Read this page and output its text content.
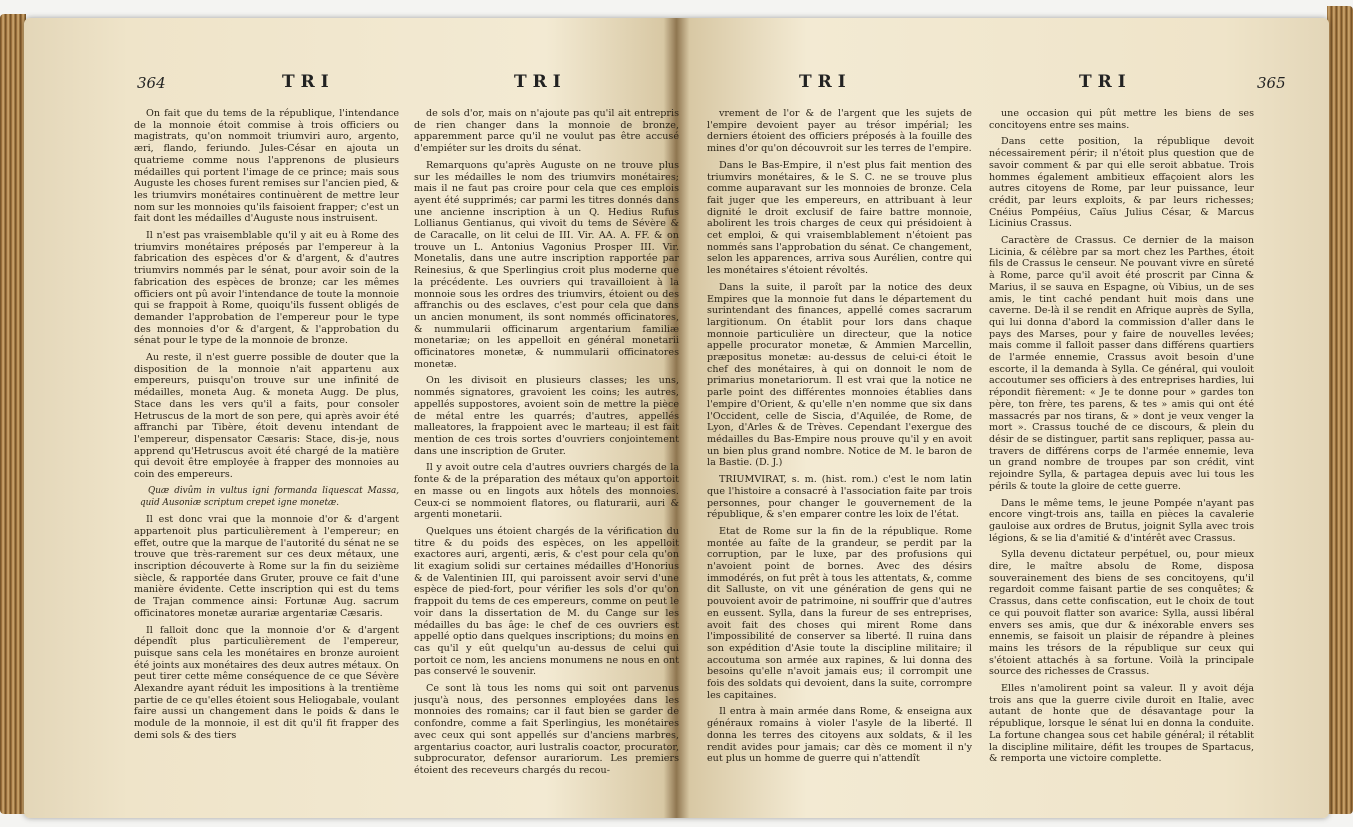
364	TRI	TRI

On fait que du tems de la république, l'intendance de la monnoie étoit commise à trois officiers ou magistrats, qu'on nommoit triumviri auro, argento, æri, flando, feriundo. Jules-César en ajouta un quatrieme comme nous l'apprenons de plusieurs médailles qui portent l'image de ce prince; mais sous Auguste les choses furent remises sur l'ancien pied, & les triumvirs monétaires continuèrent de mettre leur nom sur les monnoies qu'ils faisoient frapper; c'est un fait dont les médailles d'Auguste nous instruisent.

Il n'est pas vraisemblable qu'il y ait eu à Rome des triumvirs monétaires préposés par l'empereur à la fabrication des espèces d'or & d'argent, & d'autres triumvirs nommés par le sénat, pour avoir soin de la fabrication des espèces de bronze; car les mêmes officiers ont pû avoir l'intendance de toute la monnoie qui se frappoit à Rome, quoiqu'ils fussent obligés de demander l'approbation de l'empereur pour le type des monnoies d'or & d'argent, & l'approbation du sénat pour le type de la monnoie de bronze.

Au reste, il n'est guerre possible de douter que la disposition de la monnoie n'ait appartenu aux empereurs, puisqu'on trouve sur une infinité de médailles, moneta Aug. & moneta Augg. De plus, Stace dans les vers qu'il a faits, pour consoler Hetruscus de la mort de son pere, qui après avoir été affranchi par Tibère, étoit devenu intendant de l'empereur, dispensator Cæsaris: Stace, dis-je, nous apprend qu'Hetruscus avoit été chargé de la matière qui devoit être employée à frapper des monnoies au coin des empereurs.

Quæ divûm in vultus igni formanda liquescat Massa, quid Ausoniæ scriptum crepet igne monetæ.

Il est donc vrai que la monnoie d'or & d'argent appartenoit plus particulièrement à l'empereur; en effet, outre que la marque de l'autorité du sénat ne se trouve que très-rarement sur ces deux métaux, une inscription découverte à Rome sur la fin du seizième siècle, & rapportée dans Gruter, prouve ce fait d'une manière évidente. Cette inscription qui est du tems de Trajan commence ainsi: Fortunæ Aug. sacrum officinatores monetæ aurariæ argentariæ Cæsaris.

Il falloit donc que la monnoie d'or & d'argent dépendît plus particulièrement de l'empereur, puisque sans cela les monétaires en bronze auroient été joints aux monétaires des deux autres métaux. On peut tirer cette même conséquence de ce que Sévère Alexandre ayant réduit les impositions à la trentième partie de ce qu'elles étoient sous Heliogabale, voulant faire aussi un changement dans le poids & dans le module de la monnoie, il est dit qu'il fit frapper des demi sols & des tiers

de sols d'or, mais on n'ajoute pas qu'il ait entrepris de rien changer dans la monnoie de bronze, apparemment parce qu'il ne voulut pas être accusé d'empiéter sur les droits du sénat.

Remarquons qu'après Auguste on ne trouve plus sur les médailles le nom des triumvirs monétaires; mais il ne faut pas croire pour cela que ces emplois ayent été supprimés; car parmi les titres donnés dans une ancienne inscription à un Q. Hedius Rufus Lollianus Gentianus, qui vivoit du tems de Sévère & de Caracalle, on lit celui de III. Vir. AA. A. FF. & on trouve un L. Antonius Vagonius Prosper III. Vir. Monetalis, dans une autre inscription rapportée par Reinesius, & que Sperlingius croit plus moderne que la précédente. Les ouvriers qui travailloient à la monnoie sous les ordres des triumvirs, étoient ou des affranchis ou des esclaves, c'est pour cela que dans un ancien monument, ils sont nommés officinatores, & nummularii officinarum argentarium familiæ monetariæ; on les appelloit en général monetarii officinatores monetæ, & nummularii officinatores monetæ.

On les divisoit en plusieurs classes; les uns, nommés signatores, gravoient les coins; les autres, appellés suppostores, avoient soin de mettre la pièce de métal entre les quarrés; d'autres, appellés malleatores, la frappoient avec le marteau; il est fait mention de ces trois sortes d'ouvriers conjointement dans une inscription de Gruter.

Il y avoit outre cela d'autres ouvriers chargés de la fonte & de la préparation des métaux qu'on apportoit en masse ou en lingots aux hôtels des monnoies. Ceux-ci se nommoient flatores, ou flaturarii, auri & argenti monetarii.

Quelques uns étoient chargés de la vérification du titre & du poids des espèces, on les appelloit exactores auri, argenti, æris, & c'est pour cela qu'on lit exagium solidi sur certaines médailles d'Honorius & de Valentinien III, qui paroissent avoir servi d'une espèce de pied-fort, pour vérifier les sols d'or qu'on frappoit du tems de ces empereurs, comme on peut le voir dans la dissertation de M. du Cange sur les médailles du bas âge: le chef de ces ouvriers est appellé optio dans quelques inscriptions; du moins en cas qu'il y eût quelqu'un au-dessus de celui qui portoit ce nom, les anciens monumens ne nous en ont pas conservé le souvenir.

Ce sont là tous les noms qui soit ont parvenus jusqu'à nous, des personnes employées dans les monnoies des romains; car il faut bien se garder de confondre, comme a fait Sperlingius, les monétaires avec ceux qui sont appellés sur d'anciens marbres, argentarius coactor, auri lustralis coactor, procurator, subprocurator, defensor aurariorum. Les premiers étoient des receveurs chargés du recou-

TRI	TRI	365

vrement de l'or & de l'argent que les sujets de l'empire devoient payer au trésor impérial; les derniers étoient des officiers préposés à la fouille des mines d'or qu'on découvroit sur les terres de l'empire.

Dans le Bas-Empire, il n'est plus fait mention des triumvirs monétaires, & le S. C. ne se trouve plus comme auparavant sur les monnoies de bronze. Cela fait juger que les empereurs, en attribuant à leur dignité le droit exclusif de faire battre monnoie, abolirent les trois charges de ceux qui présidoient à cet emploi, & qui vraisemblablement n'étoient pas nommés sans l'approbation du sénat. Ce changement, selon les apparences, arriva sous Aurélien, contre qui les monétaires s'étoient révoltés.

Dans la suite, il paroît par la notice des deux Empires que la monnoie fut dans le département du surintendant des finances, appellé comes sacrarum largitionum. On établit pour lors dans chaque monnoie particulière un directeur, que la notice appelle procurator monetæ, & Ammien Marcellin, præpositus monetæ: au-dessus de celui-ci étoit le chef des monétaires, à qui on donnoit le nom de primarius monetariorum. Il est vrai que la notice ne parle point des différentes monnoies établies dans l'empire d'Orient, & qu'elle n'en nomme que six dans l'Occident, celle de Siscia, d'Aquilée, de Rome, de Lyon, d'Arles & de Trèves. Cependant l'exergue des médailles du Bas-Empire nous prouve qu'il y en avoit un bien plus grand nombre. Notice de M. le baron de la Bastie. (D. J.)

TRIUMVIRAT, s. m. (hist. rom.) c'est le nom latin que l'histoire a consacré à l'association faite par trois personnes, pour changer le gouvernement de la république, & s'en emparer contre les loix de l'état.

Etat de Rome sur la fin de la république. Rome montée au faîte de la grandeur, se perdit par la corruption, par le luxe, par des profusions qui n'avoient point de bornes. Avec des désirs immodérés, on fut prêt à tous les attentats, &, comme dit Salluste, on vit une génération de gens qui ne pouvoient avoir de patrimoine, ni souffrir que d'autres en eussent. Sylla, dans la fureur de ses entreprises, avoit fait des choses qui mirent Rome dans l'impossibilité de conserver sa liberté. Il ruina dans son expédition d'Asie toute la discipline militaire; il accoutuma son armée aux rapines, & lui donna des besoins qu'elle n'avoit jamais eus; il corrompit une fois des soldats qui devoient, dans la suite, corrompre les capitaines.

Il entra à main armée dans Rome, & enseigna aux généraux romains à violer l'asyle de la liberté. Il donna les terres des citoyens aux soldats, & il les rendit avides pour jamais; car dès ce moment il n'y eut plus un homme de guerre qui n'attendît

une occasion qui pût mettre les biens de ses concitoyens entre ses mains.

Dans cette position, la république devoit nécessairement périr; il n'étoit plus question que de savoir comment & par qui elle seroit abbatue. Trois hommes également ambitieux effaçoient alors les autres citoyens de Rome, par leur puissance, leur crédit, par leurs exploits, & par leurs richesses; Cnéius Pompéius, Caïus Julius César, & Marcus Licinius Crassus.

Caractère de Crassus. Ce dernier de la maison Licinia, & célèbre par sa mort chez les Parthes, étoit fils de Crassus le censeur. Ne pouvant vivre en sûreté à Rome, parce qu'il avoit été proscrit par Cinna & Marius, il se sauva en Espagne, où Vibius, un de ses amis, le tint caché pendant huit mois dans une caverne. De-là il se rendit en Afrique auprès de Sylla, qui lui donna d'abord la commission d'aller dans le pays des Marses, pour y faire de nouvelles levées; mais comme il falloit passer dans différens quartiers de l'armée ennemie, Crassus avoit besoin d'une escorte, il la demanda à Sylla. Ce général, qui vouloit accoutumer ses officiers à des entreprises hardies, lui répondit fièrement: « Je te donne pour » gardes ton père, ton frère, tes parens, & tes » amis qui ont été massacrés par nos tirans, & » dont je veux venger la mort ». Crassus touché de ce discours, & plein du désir de se distinguer, partit sans repliquer, passa au-travers de différens corps de l'armée ennemie, leva un grand nombre de troupes par son crédit, vint rejoindre Sylla, & partagea depuis avec lui tous les périls & toute la gloire de cette guerre.

Dans le même tems, le jeune Pompée n'ayant pas encore vingt-trois ans, tailla en pièces la cavalerie gauloise aux ordres de Brutus, joignit Sylla avec trois légions, & se lia d'amitié & d'intérêt avec Crassus.

Sylla devenu dictateur perpétuel, ou, pour mieux dire, le maître absolu de Rome, disposa souverainement des biens de ses concitoyens, qu'il regardoit comme faisant partie de ses conquêtes; & Crassus, dans cette confiscation, eut le choix de tout ce qui pouvoit flatter son avarice: Sylla, aussi libéral envers ses amis, que dur & inéxorable envers ses ennemis, se faisoit un plaisir de répandre à pleines mains les trésors de la république sur ceux qui s'étoient attachés à sa fortune. Voilà la principale source des richesses de Crassus.

Elles n'amolirent point sa valeur. Il y avoit déja trois ans que la guerre civile duroit en Italie, avec autant de honte que de désavantage pour la république, lorsque le sénat lui en donna la conduite. La fortune changea sous cet habile général; il rétablit la discipline militaire, défit les troupes de Spartacus, & remporta une victoire complette.
